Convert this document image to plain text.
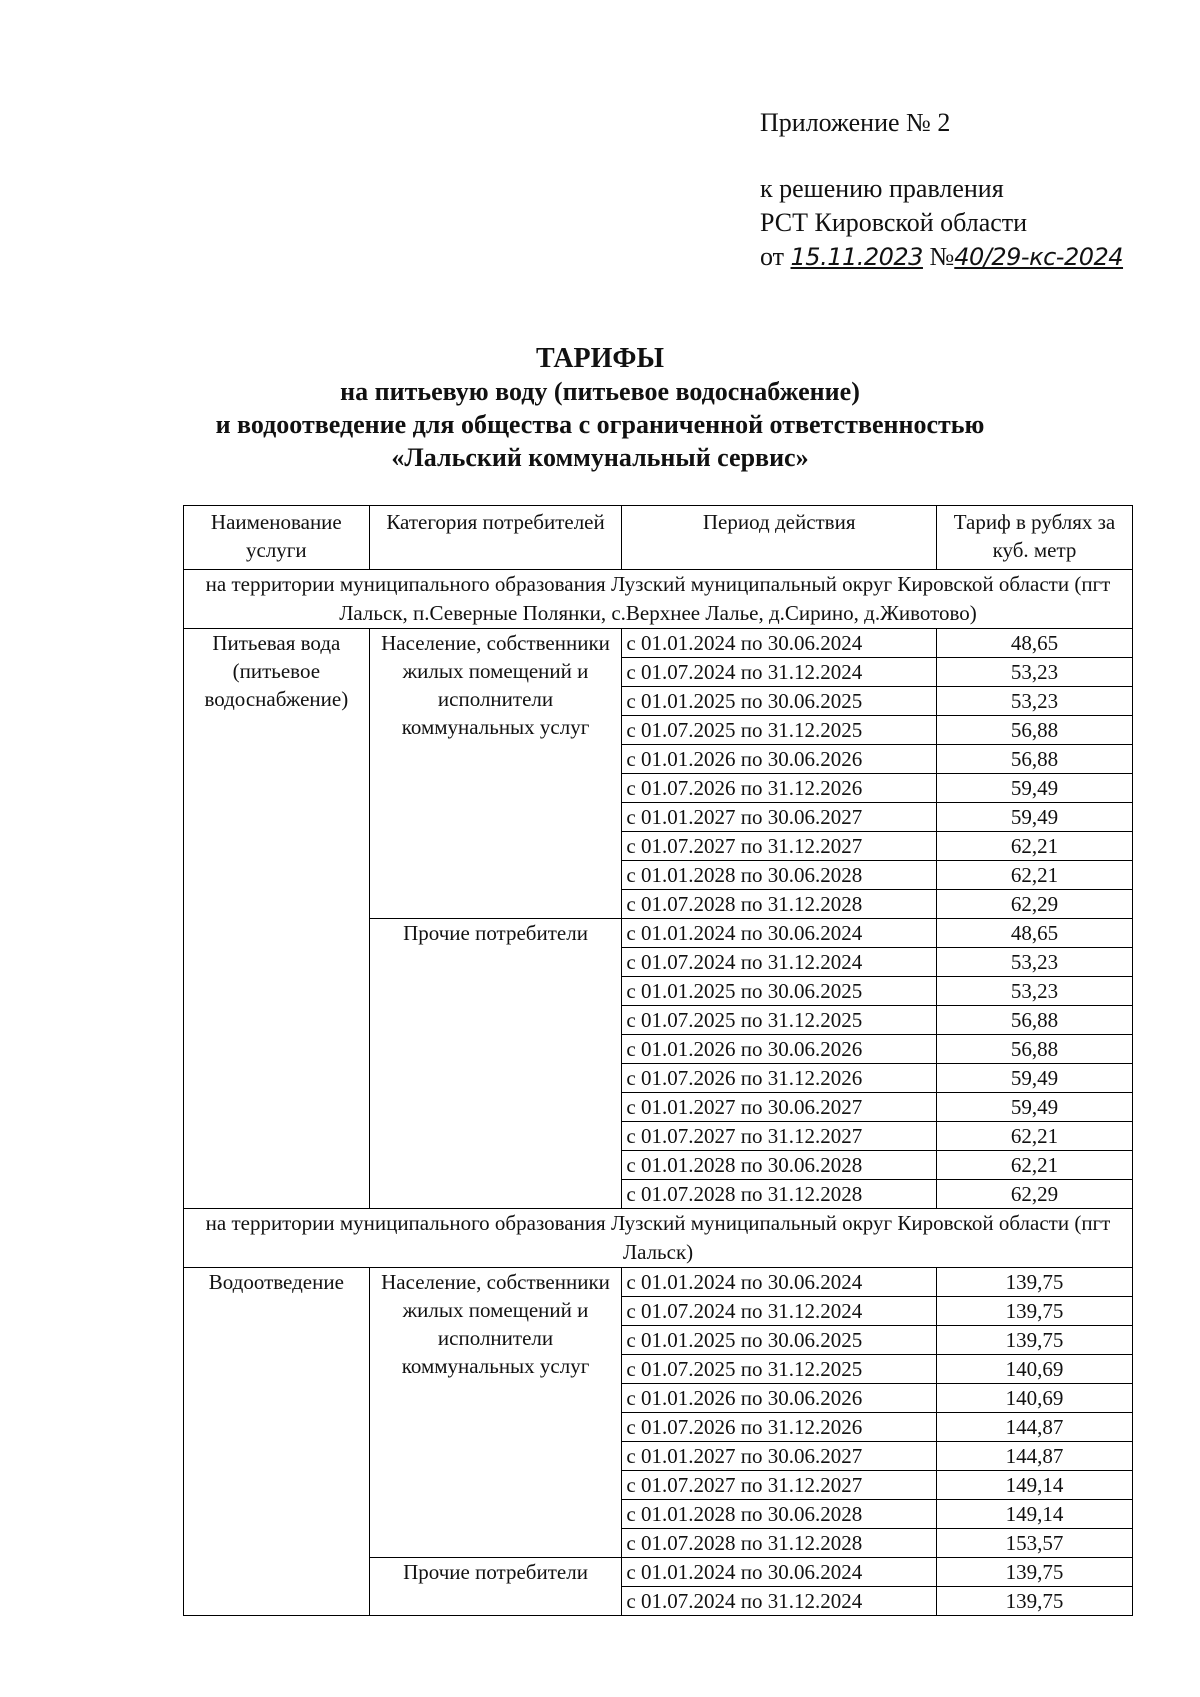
Приложение № 2
к решению правления
РСТ Кировской области
от 15.11.2023 №40/29-кс-2024
ТАРИФЫ
на питьевую воду (питьевое водоснабжение)
и водоотведение для общества с ограниченной ответственностью
«Лальский коммунальный сервис»
Наименование услуги	Категория потребителей	Период действия	Тариф в рублях за куб. метр
на территории муниципального образования Лузский муниципальный округ Кировской области (пгт Лальск, п.Северные Полянки, с.Верхнее Лалье, д.Сирино, д.Животово)			
Питьевая вода (питьевое водоснабжение)	Население, собственники жилых помещений и исполнители коммунальных услуг	с 01.01.2024 по 30.06.2024	48,65
		с 01.07.2024 по 31.12.2024	53,23
		с 01.01.2025 по 30.06.2025	53,23
		с 01.07.2025 по 31.12.2025	56,88
		с 01.01.2026 по 30.06.2026	56,88
		с 01.07.2026 по 31.12.2026	59,49
		с 01.01.2027 по 30.06.2027	59,49
		с 01.07.2027 по 31.12.2027	62,21
		с 01.01.2028 по 30.06.2028	62,21
		с 01.07.2028 по 31.12.2028	62,29
	Прочие потребители	с 01.01.2024 по 30.06.2024	48,65
		с 01.07.2024 по 31.12.2024	53,23
		с 01.01.2025 по 30.06.2025	53,23
		с 01.07.2025 по 31.12.2025	56,88
		с 01.01.2026 по 30.06.2026	56,88
		с 01.07.2026 по 31.12.2026	59,49
		с 01.01.2027 по 30.06.2027	59,49
		с 01.07.2027 по 31.12.2027	62,21
		с 01.01.2028 по 30.06.2028	62,21
		с 01.07.2028 по 31.12.2028	62,29
на территории муниципального образования Лузский муниципальный округ Кировской области (пгт Лальск)			
Водоотведение	Население, собственники жилых помещений и исполнители коммунальных услуг	с 01.01.2024 по 30.06.2024	139,75
		с 01.07.2024 по 31.12.2024	139,75
		с 01.01.2025 по 30.06.2025	139,75
		с 01.07.2025 по 31.12.2025	140,69
		с 01.01.2026 по 30.06.2026	140,69
		с 01.07.2026 по 31.12.2026	144,87
		с 01.01.2027 по 30.06.2027	144,87
		с 01.07.2027 по 31.12.2027	149,14
		с 01.01.2028 по 30.06.2028	149,14
		с 01.07.2028 по 31.12.2028	153,57
	Прочие потребители	с 01.01.2024 по 30.06.2024	139,75
		с 01.07.2024 по 31.12.2024	139,75
